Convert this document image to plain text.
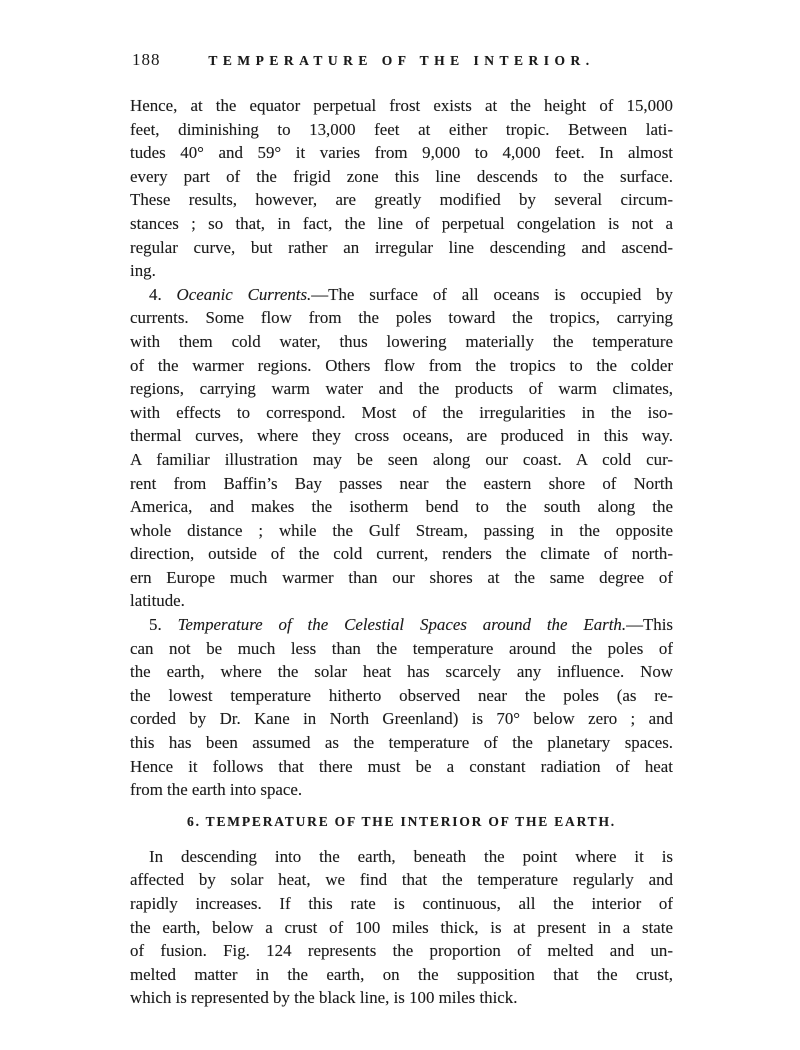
188	TEMPERATURE OF THE INTERIOR.
Hence, at the equator perpetual frost exists at the height of 15,000
feet, diminishing to 13,000 feet at either tropic. Between lati-
tudes 40° and 59° it varies from 9,000 to 4,000 feet. In almost
every part of the frigid zone this line descends to the surface.
These results, however, are greatly modified by several circum-
stances ; so that, in fact, the line of perpetual congelation is not a
regular curve, but rather an irregular line descending and ascend-
ing.
4. Oceanic Currents.—The surface of all oceans is occupied by
currents. Some flow from the poles toward the tropics, carrying
with them cold water, thus lowering materially the temperature
of the warmer regions. Others flow from the tropics to the colder
regions, carrying warm water and the products of warm climates,
with effects to correspond. Most of the irregularities in the iso-
thermal curves, where they cross oceans, are produced in this way.
A familiar illustration may be seen along our coast. A cold cur-
rent from Baffin’s Bay passes near the eastern shore of North
America, and makes the isotherm bend to the south along the
whole distance ; while the Gulf Stream, passing in the opposite
direction, outside of the cold current, renders the climate of north-
ern Europe much warmer than our shores at the same degree of
latitude.
5. Temperature of the Celestial Spaces around the Earth.—This
can not be much less than the temperature around the poles of
the earth, where the solar heat has scarcely any influence. Now
the lowest temperature hitherto observed near the poles (as re-
corded by Dr. Kane in North Greenland) is 70° below zero ; and
this has been assumed as the temperature of the planetary spaces.
Hence it follows that there must be a constant radiation of heat
from the earth into space.
6. TEMPERATURE OF THE INTERIOR OF THE EARTH.
In descending into the earth, beneath the point where it is
affected by solar heat, we find that the temperature regularly and
rapidly increases. If this rate is continuous, all the interior of
the earth, below a crust of 100 miles thick, is at present in a state
of fusion. Fig. 124 represents the proportion of melted and un-
melted matter in the earth, on the supposition that the crust,
which is represented by the black line, is 100 miles thick.
